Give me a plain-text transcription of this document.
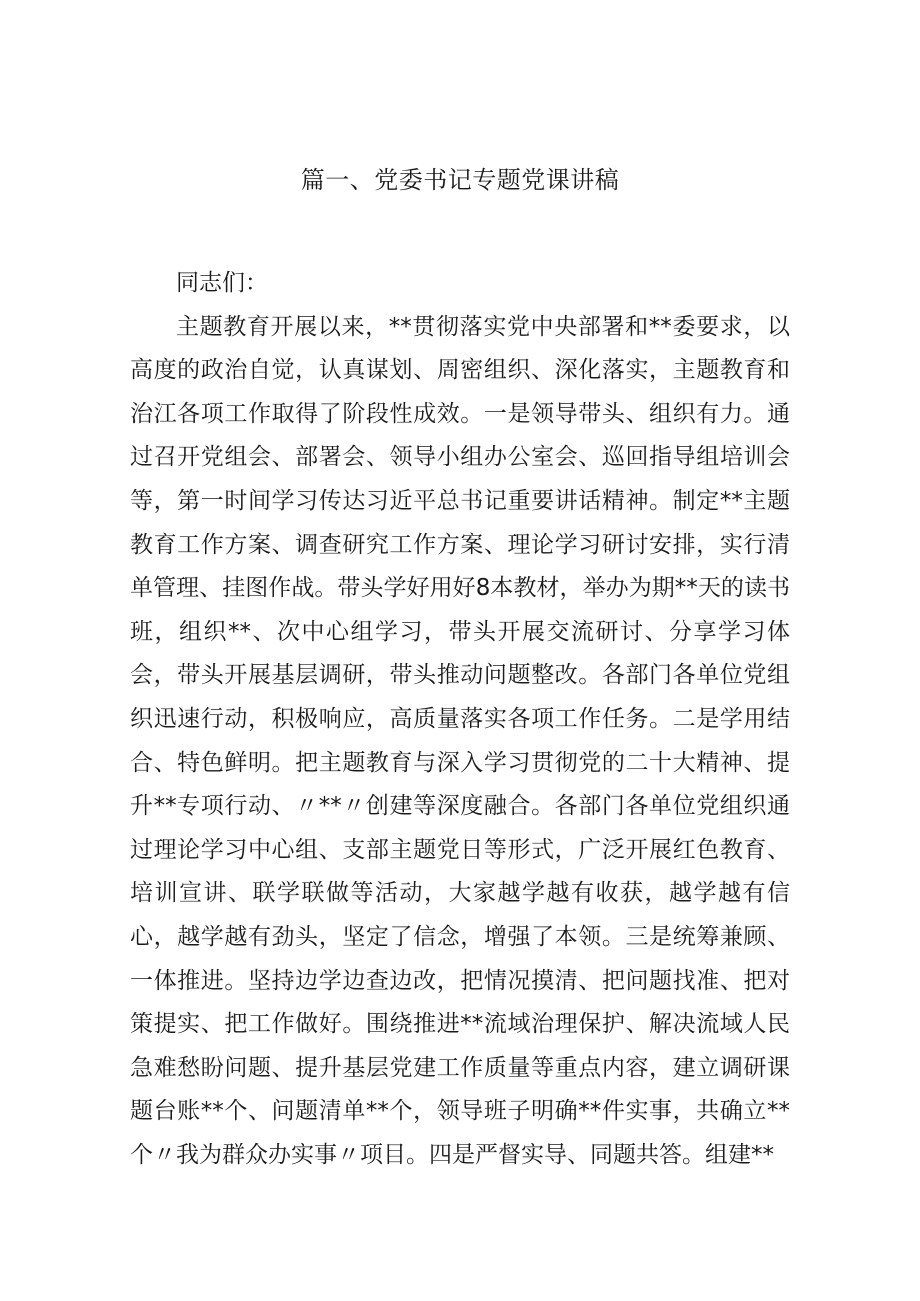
篇一、党委书记专题党课讲稿

同志们：

主题教育开展以来，**贯彻落实党中央部署和**委要求，以高度的政治自觉，认真谋划、周密组织、深化落实，主题教育和治江各项工作取得了阶段性成效。一是领导带头、组织有力。通过召开党组会、部署会、领导小组办公室会、巡回指导组培训会等，第一时间学习传达习近平总书记重要讲话精神。制定**主题教育工作方案、调查研究工作方案、理论学习研讨安排，实行清单管理、挂图作战。带头学好用好8本教材，举办为期**天的读书班，组织**、次中心组学习，带头开展交流研讨、分享学习体会，带头开展基层调研，带头推动问题整改。各部门各单位党组织迅速行动，积极响应，高质量落实各项工作任务。二是学用结合、特色鲜明。把主题教育与深入学习贯彻党的二十大精神、提升**专项行动、〃**〃创建等深度融合。各部门各单位党组织通过理论学习中心组、支部主题党日等形式，广泛开展红色教育、培训宣讲、联学联做等活动，大家越学越有收获，越学越有信心，越学越有劲头，坚定了信念，增强了本领。三是统筹兼顾、一体推进。坚持边学边查边改，把情况摸清、把问题找准、把对策提实、把工作做好。围绕推进**流域治理保护、解决流域人民急难愁盼问题、提升基层党建工作质量等重点内容，建立调研课题台账**个、问题清单**个，领导班子明确**件实事，共确立**个〃我为群众办实事〃项目。四是严督实导、同题共答。组建**
